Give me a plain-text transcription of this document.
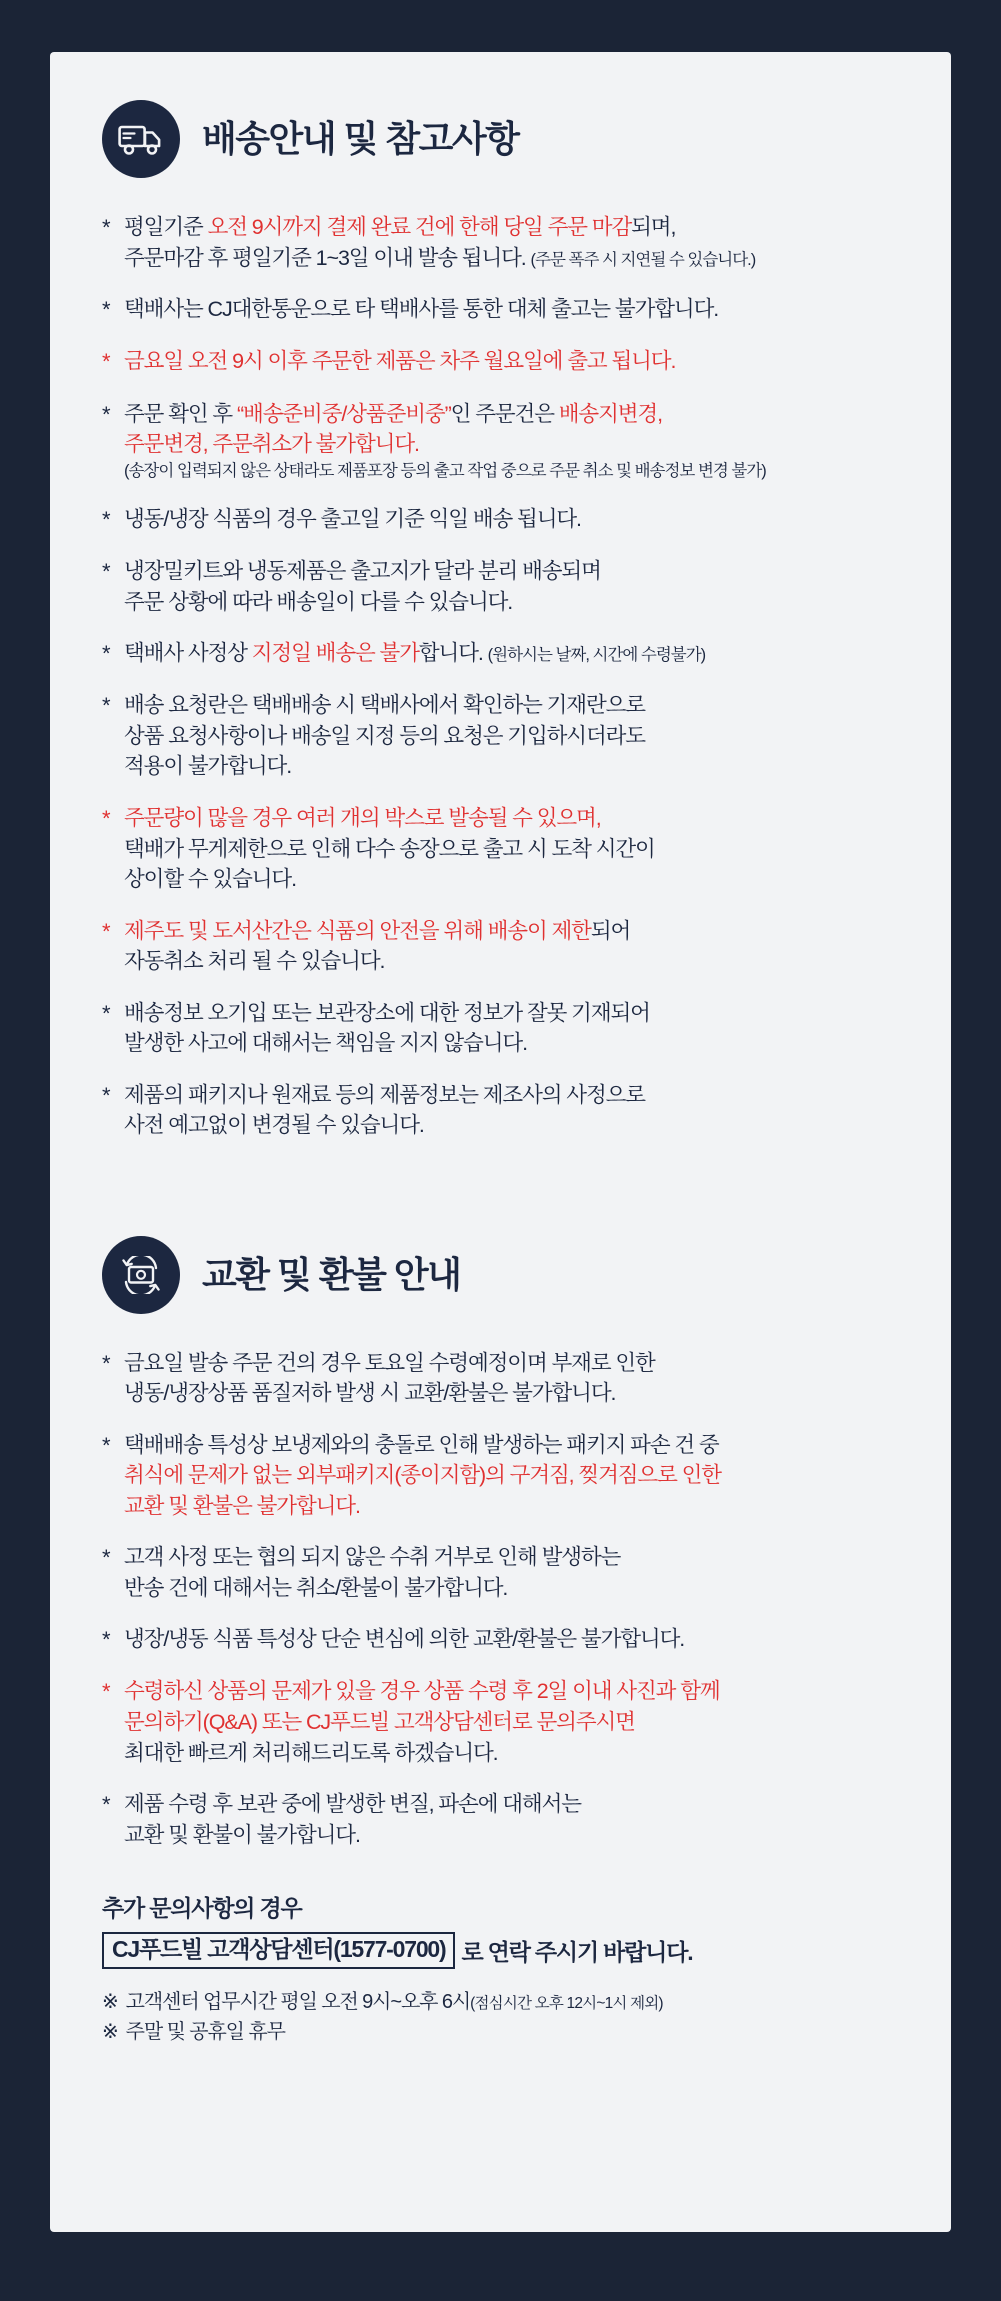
배송안내 및 참고사항
* 평일기준 오전 9시까지 결제 완료 건에 한해 당일 주문 마감되며,
주문마감 후 평일기준 1~3일 이내 발송 됩니다. (주문 폭주 시 지연될 수 있습니다.)
* 택배사는 CJ대한통운으로 타 택배사를 통한 대체 출고는 불가합니다.
* 금요일 오전 9시 이후 주문한 제품은 차주 월요일에 출고 됩니다.
* 주문 확인 후 “배송준비중/상품준비중”인 주문건은 배송지변경,
주문변경, 주문취소가 불가합니다.
(송장이 입력되지 않은 상태라도 제품포장 등의 출고 작업 중으로 주문 취소 및 배송정보 변경 불가)
* 냉동/냉장 식품의 경우 출고일 기준 익일 배송 됩니다.
* 냉장밀키트와 냉동제품은 출고지가 달라 분리 배송되며
주문 상황에 따라 배송일이 다를 수 있습니다.
* 택배사 사정상 지정일 배송은 불가합니다. (원하시는 날짜, 시간에 수령불가)
* 배송 요청란은 택배배송 시 택배사에서 확인하는 기재란으로
상품 요청사항이나 배송일 지정 등의 요청은 기입하시더라도
적용이 불가합니다.
* 주문량이 많을 경우 여러 개의 박스로 발송될 수 있으며,
택배가 무게제한으로 인해 다수 송장으로 출고 시 도착 시간이
상이할 수 있습니다.
* 제주도 및 도서산간은 식품의 안전을 위해 배송이 제한되어
자동취소 처리 될 수 있습니다.
* 배송정보 오기입 또는 보관장소에 대한 정보가 잘못 기재되어
발생한 사고에 대해서는 책임을 지지 않습니다.
* 제품의 패키지나 원재료 등의 제품정보는 제조사의 사정으로
사전 예고없이 변경될 수 있습니다.
교환 및 환불 안내
* 금요일 발송 주문 건의 경우 토요일 수령예정이며 부재로 인한
냉동/냉장상품 품질저하 발생 시 교환/환불은 불가합니다.
* 택배배송 특성상 보냉제와의 충돌로 인해 발생하는 패키지 파손 건 중
취식에 문제가 없는 외부패키지(종이지함)의 구겨짐, 찢겨짐으로 인한
교환 및 환불은 불가합니다.
* 고객 사정 또는 협의 되지 않은 수취 거부로 인해 발생하는
반송 건에 대해서는 취소/환불이 불가합니다.
* 냉장/냉동 식품 특성상 단순 변심에 의한 교환/환불은 불가합니다.
* 수령하신 상품의 문제가 있을 경우 상품 수령 후 2일 이내 사진과 함께
문의하기(Q&A) 또는 CJ푸드빌 고객상담센터로 문의주시면
최대한 빠르게 처리해드리도록 하겠습니다.
* 제품 수령 후 보관 중에 발생한 변질, 파손에 대해서는
교환 및 환불이 불가합니다.
추가 문의사항의 경우
CJ푸드빌 고객상담센터(1577-0700) 로 연락 주시기 바랍니다.
※ 고객센터 업무시간 평일 오전 9시~오후 6시(점심시간 오후 12시~1시 제외)
※ 주말 및 공휴일 휴무
